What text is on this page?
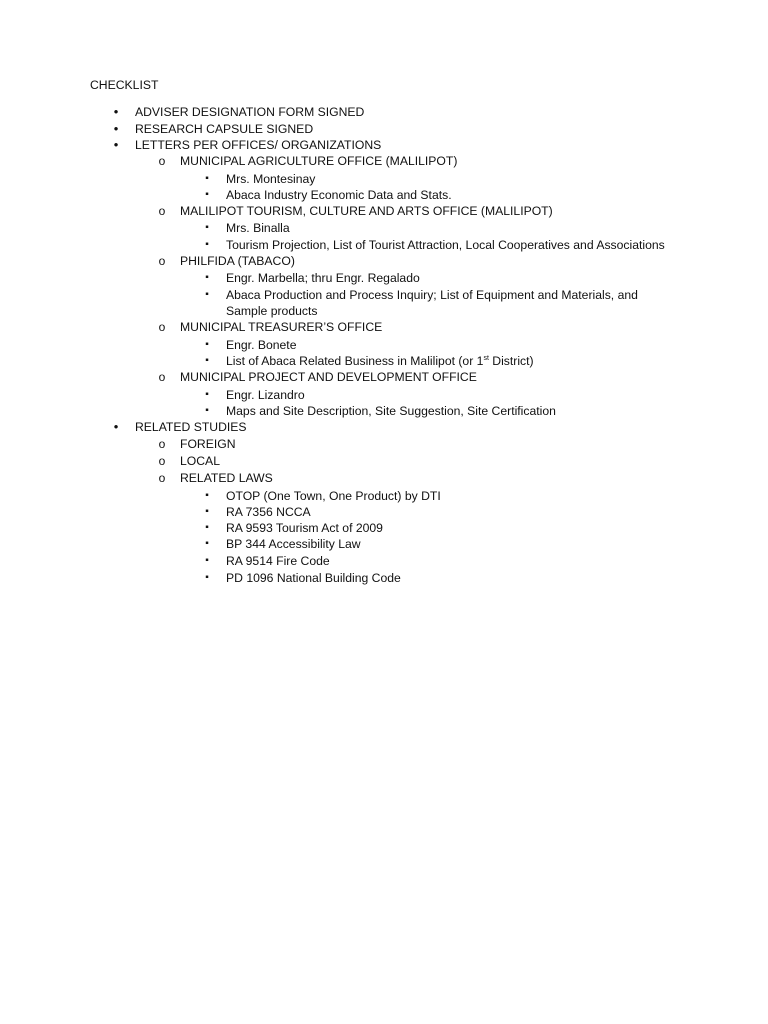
CHECKLIST
•	ADVISER DESIGNATION FORM SIGNED
•	RESEARCH CAPSULE SIGNED
•	LETTERS PER OFFICES/ ORGANIZATIONS
o	MUNICIPAL AGRICULTURE OFFICE (MALILIPOT)
▪	Mrs. Montesinay
▪	Abaca Industry Economic Data and Stats.
o	MALILIPOT TOURISM, CULTURE AND ARTS OFFICE (MALILIPOT)
▪	Mrs. Binalla
▪	Tourism Projection, List of Tourist Attraction, Local Cooperatives and Associations
o	PHILFIDA (TABACO)
▪	Engr. Marbella; thru Engr. Regalado
▪	Abaca Production and Process Inquiry; List of Equipment and Materials, and
Sample products
o	MUNICIPAL TREASURER’S OFFICE
▪	Engr. Bonete
▪	List of Abaca Related Business in Malilipot (or 1st District)
o	MUNICIPAL PROJECT AND DEVELOPMENT OFFICE
▪	Engr. Lizandro
▪	Maps and Site Description, Site Suggestion, Site Certification
•	RELATED STUDIES
o	FOREIGN
o	LOCAL
o	RELATED LAWS
▪	OTOP (One Town, One Product) by DTI
▪	RA 7356 NCCA
▪	RA 9593 Tourism Act of 2009
▪	BP 344 Accessibility Law
▪	RA 9514 Fire Code
▪	PD 1096 National Building Code
